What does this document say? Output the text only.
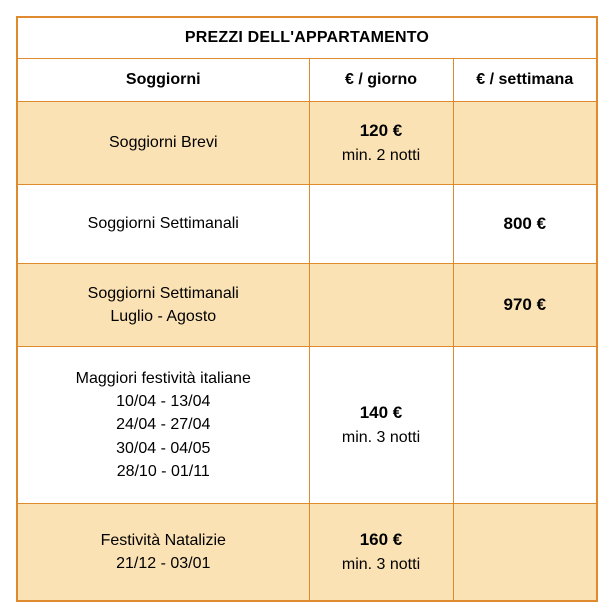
PREZZI DELL'APPARTAMENTO		
Soggiorni	€ / giorno	€ / settimana

Soggiorni Brevi	120 €
min. 2 notti	

Soggiorni Settimanali		800 €

Soggiorni Settimanali
Luglio - Agosto		970 €

Maggiori festività italiane
10/04 - 13/04
24/04 - 27/04
30/04 - 04/05
28/10 - 01/11	140 €
min. 3 notti	

Festività Natalizie
21/12 - 03/01	160 €
min. 3 notti	
